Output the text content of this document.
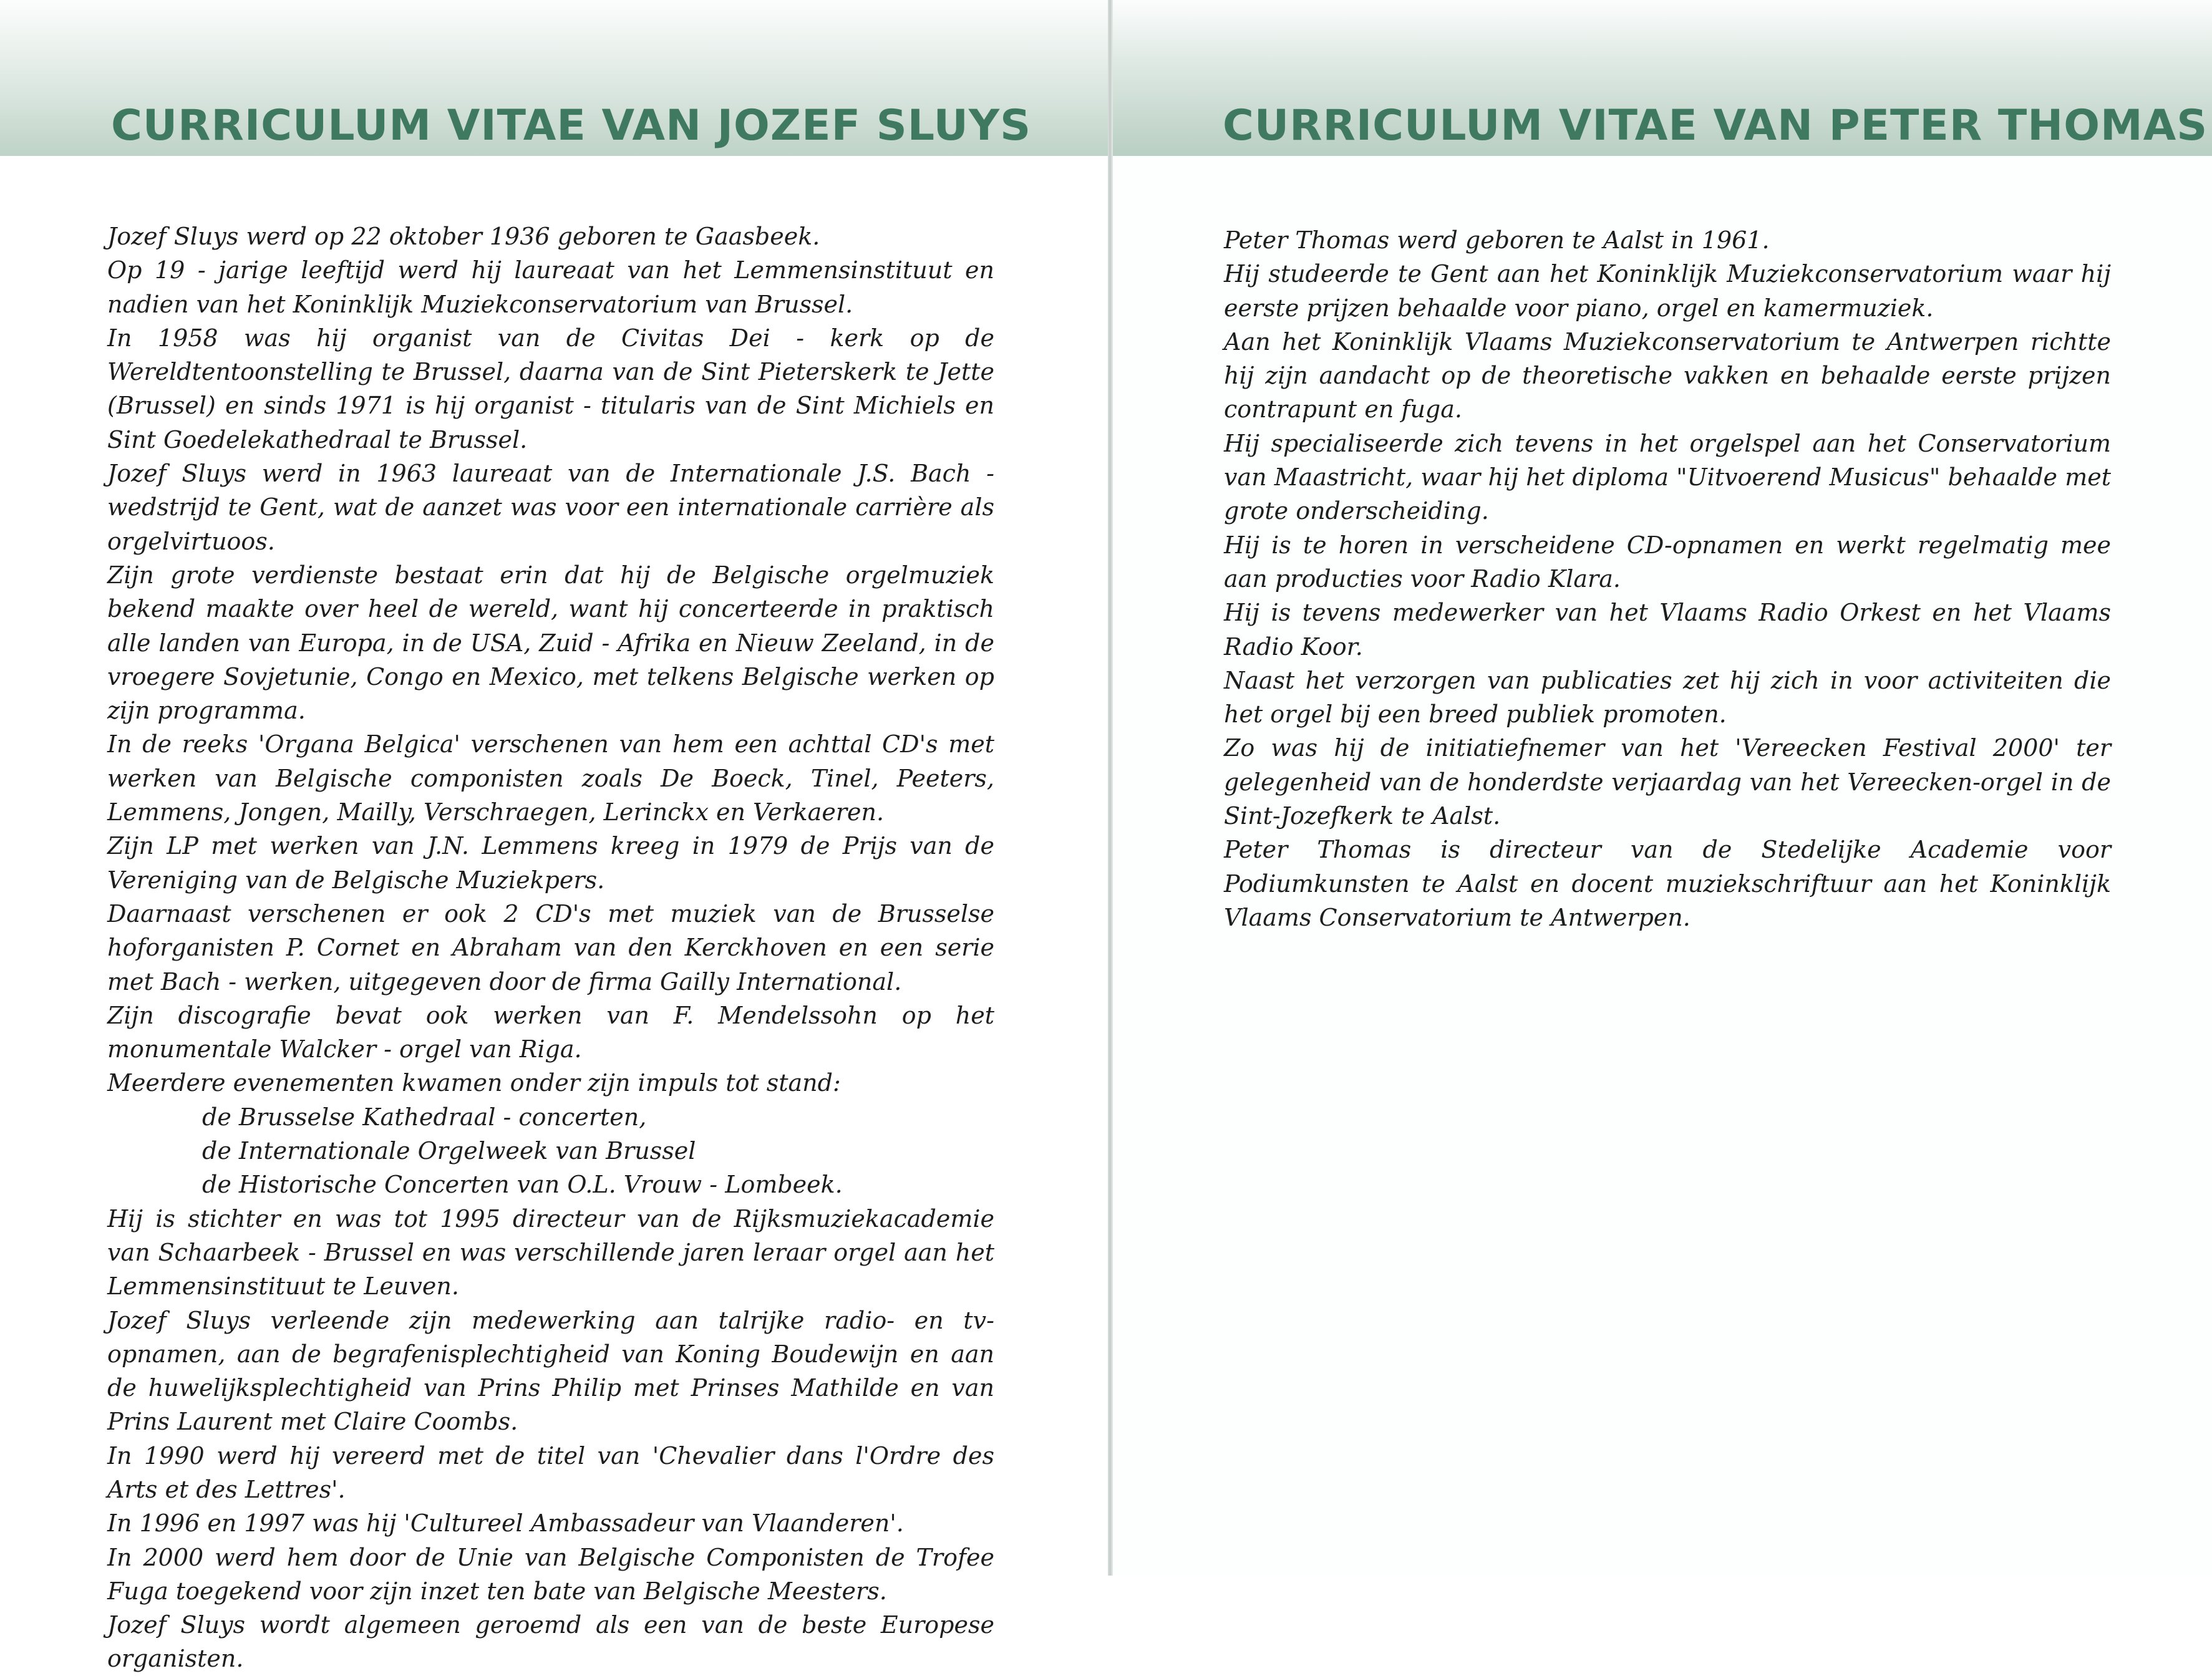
CURRICULUM VITAE VAN JOZEF SLUYS

Jozef Sluys werd op 22 oktober 1936 geboren te Gaasbeek.

Op 19 - jarige leeftijd werd hij laureaat van het Lemmensinstituut en nadien van het Koninklijk Muziekconservatorium van Brussel.

In 1958 was hij organist van de Civitas Dei - kerk op de Wereldtentoonstelling te Brussel, daarna van de Sint Pieterskerk te Jette (Brussel) en sinds 1971 is hij organist - titularis van de Sint Michiels en Sint Goedelekathedraal te Brussel.

Jozef Sluys werd in 1963 laureaat van de Internationale J.S. Bach -wedstrijd te Gent, wat de aanzet was voor een internationale carrière als orgelvirtuoos.

Zijn grote verdienste bestaat erin dat hij de Belgische orgelmuziek bekend maakte over heel de wereld, want hij concerteerde in praktisch alle landen van Europa, in de USA, Zuid - Afrika en Nieuw Zeeland, in de vroegere Sovjetunie, Congo en Mexico, met telkens Belgische werken op zijn programma.

In de reeks 'Organa Belgica' verschenen van hem een achttal CD's met werken van Belgische componisten zoals De Boeck, Tinel, Peeters, Lemmens, Jongen, Mailly, Verschraegen, Lerinckx en Verkaeren.

Zijn LP met werken van J.N. Lemmens kreeg in 1979 de Prijs van de Vereniging van de Belgische Muziekpers.

Daarnaast verschenen er ook 2 CD's met muziek van de Brusselse hoforganisten P. Cornet en Abraham van den Kerckhoven en een serie met Bach - werken, uitgegeven door de firma Gailly International.

Zijn discografie bevat ook werken van F. Mendelssohn op het monumentale Walcker - orgel van Riga.

Meerdere evenementen kwamen onder zijn impuls tot stand:

de Brusselse Kathedraal - concerten,
de Internationale Orgelweek van Brussel
de Historische Concerten van O.L. Vrouw - Lombeek.

Hij is stichter en was tot 1995 directeur van de Rijksmuziekacademie van Schaarbeek - Brussel en was verschillende jaren leraar orgel aan het Lemmensinstituut te Leuven.

Jozef Sluys verleende zijn medewerking aan talrijke radio- en tv- opnamen, aan de begrafenisplechtigheid van Koning Boudewijn en aan de huwelijksplechtigheid van Prins Philip met Prinses Mathilde en van Prins Laurent met Claire Coombs.

In 1990 werd hij vereerd met de titel van 'Chevalier dans l'Ordre des Arts et des Lettres'.

In 1996 en 1997 was hij 'Cultureel Ambassadeur van Vlaanderen'.

In 2000 werd hem door de Unie van Belgische Componisten de Trofee Fuga toegekend voor zijn inzet ten bate van Belgische Meesters.

Jozef Sluys wordt algemeen geroemd als een van de beste Europese organisten.

CURRICULUM VITAE VAN PETER THOMAS

Peter Thomas werd geboren te Aalst in 1961.

Hij studeerde te Gent aan het Koninklijk Muziekconservatorium waar hij eerste prijzen behaalde voor piano, orgel en kamermuziek.

Aan het Koninklijk Vlaams Muziekconservatorium te Antwerpen richtte hij zijn aandacht op de theoretische vakken en behaalde eerste prijzen contrapunt en fuga.

Hij specialiseerde zich tevens in het orgelspel aan het Conservatorium van Maastricht, waar hij het diploma "Uitvoerend Musicus" behaalde met grote onderscheiding.

Hij is te horen in verscheidene CD-opnamen en werkt regelmatig mee aan producties voor Radio Klara.

Hij is tevens medewerker van het Vlaams Radio Orkest en het Vlaams Radio Koor.

Naast het verzorgen van publicaties zet hij zich in voor activiteiten die het orgel bij een breed publiek promoten.

Zo was hij de initiatiefnemer van het 'Vereecken Festival 2000' ter gelegenheid van de honderdste verjaardag van het Vereecken-orgel in de Sint-Jozefkerk te Aalst.

Peter Thomas is directeur van de Stedelijke Academie voor Podiumkunsten te Aalst en docent muziekschriftuur aan het Koninklijk Vlaams Conservatorium te Antwerpen.
